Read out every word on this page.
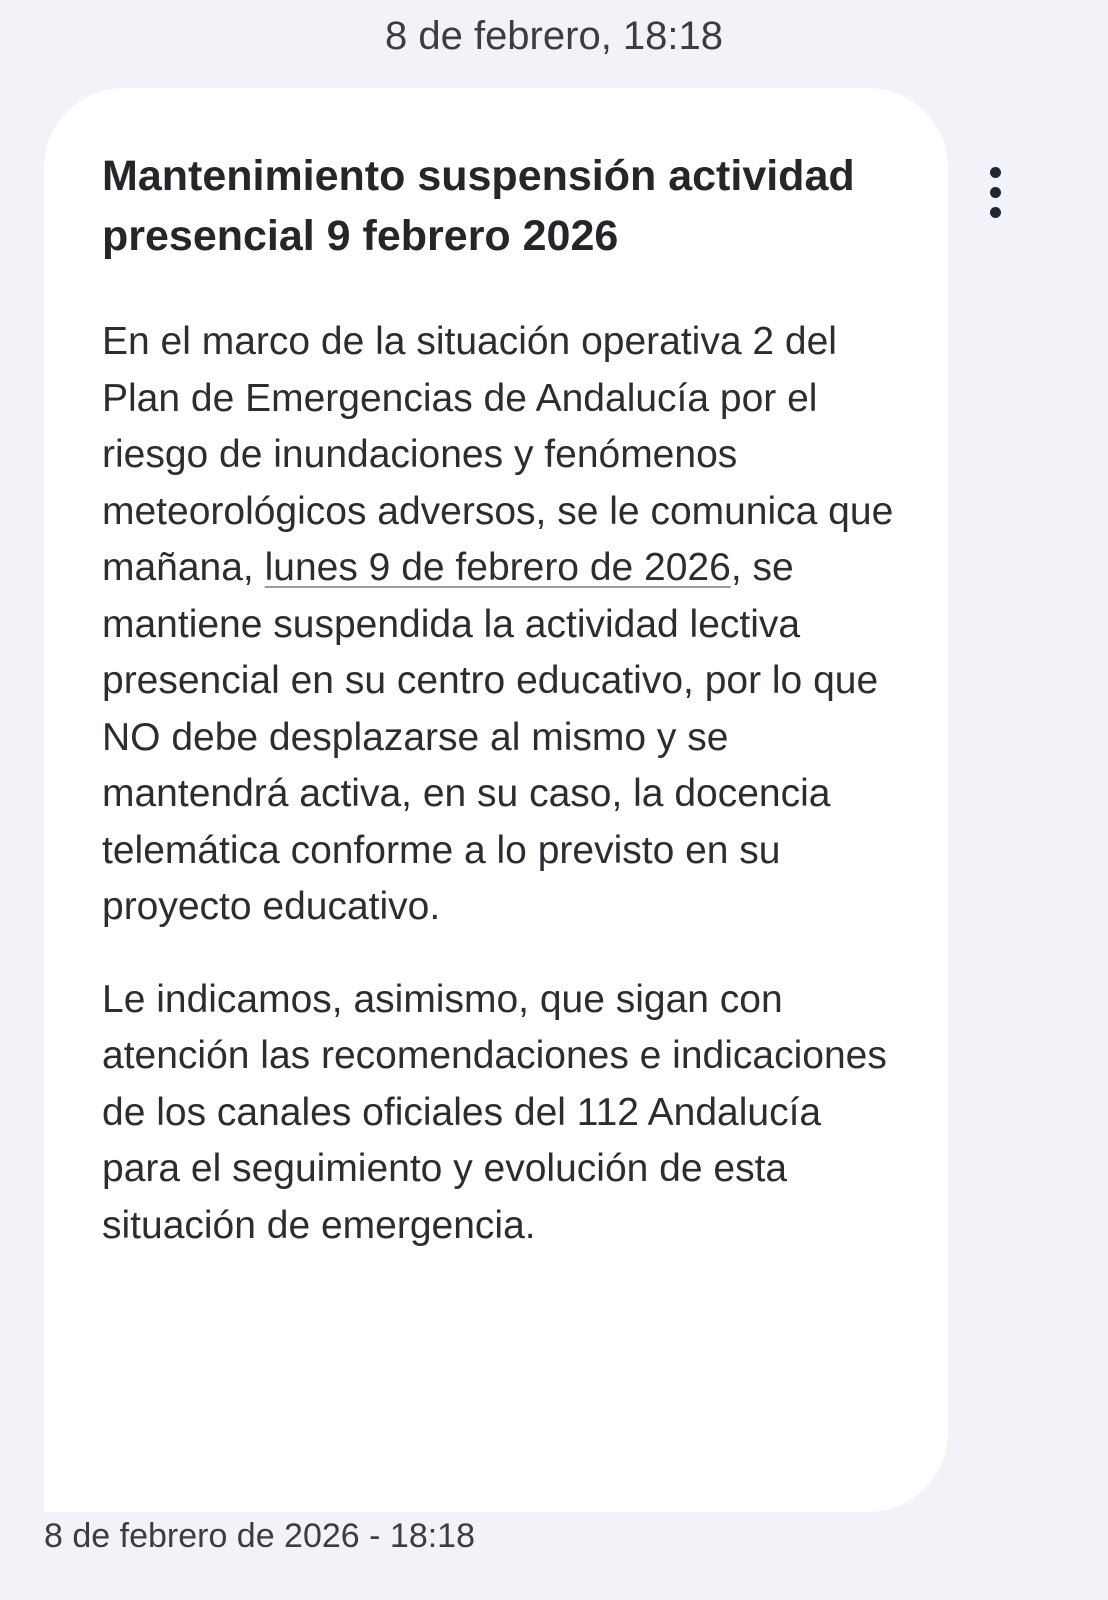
8 de febrero, 18:18

Mantenimiento suspensión actividad
presencial 9 febrero 2026

En el marco de la situación operativa 2 del Plan de Emergencias de Andalucía por el riesgo de inundaciones y fenómenos meteorológicos adversos, se le comunica que mañana, lunes 9 de febrero de 2026, se mantiene suspendida la actividad lectiva presencial en su centro educativo, por lo que NO debe desplazarse al mismo y se mantendrá activa, en su caso, la docencia telemática conforme a lo previsto en su proyecto educativo.

Le indicamos, asimismo, que sigan con atención las recomendaciones e indicaciones de los canales oficiales del 112 Andalucía para el seguimiento y evolución de esta situación de emergencia.

8 de febrero de 2026 - 18:18
